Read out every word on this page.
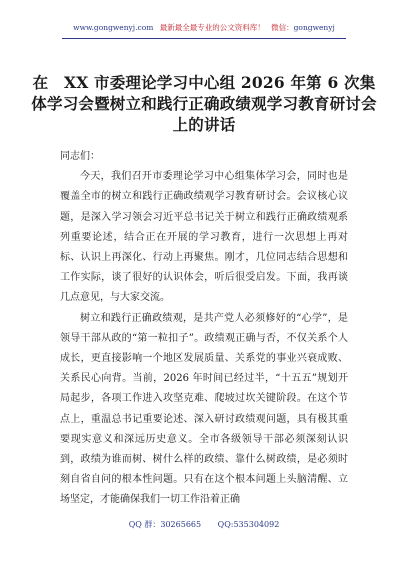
www.gongwenyj.com 最新最全最专业的公文资料库！ 微信：gongwenyj
在　XX 市委理论学习中心组 2026 年第 6 次集体学习会暨树立和践行正确政绩观学习教育研讨会上的讲话

同志们：

今天，我们召开市委理论学习中心组集体学习会，同时也是覆盖全市的树立和践行正确政绩观学习教育研讨会。会议核心议题，是深入学习领会习近平总书记关于树立和践行正确政绩观系列重要论述，结合正在开展的学习教育，进行一次思想上再对标、认识上再深化、行动上再聚焦。刚才，几位同志结合思想和工作实际，谈了很好的认识体会，听后很受启发。下面，我再谈几点意见，与大家交流。

树立和践行正确政绩观，是共产党人必须修好的“心学”，是领导干部从政的“第一粒扣子”。政绩观正确与否，不仅关系个人成长，更直接影响一个地区发展质量、关系党的事业兴衰成败、关系民心向背。当前，2026 年时间已经过半，“十五五”规划开局起步，各项工作进入攻坚克难、爬坡过坎关键阶段。在这个节点上，重温总书记重要论述、深入研讨政绩观问题，具有极其重要现实意义和深远历史意义。全市各级领导干部必须深刻认识到，政绩为谁而树、树什么样的政绩、靠什么树政绩，是必须时刻自省自问的根本性问题。只有在这个根本问题上头脑清醒、立场坚定，才能确保我们一切工作沿着正确

QQ 群：30265665 QQ:535304092
